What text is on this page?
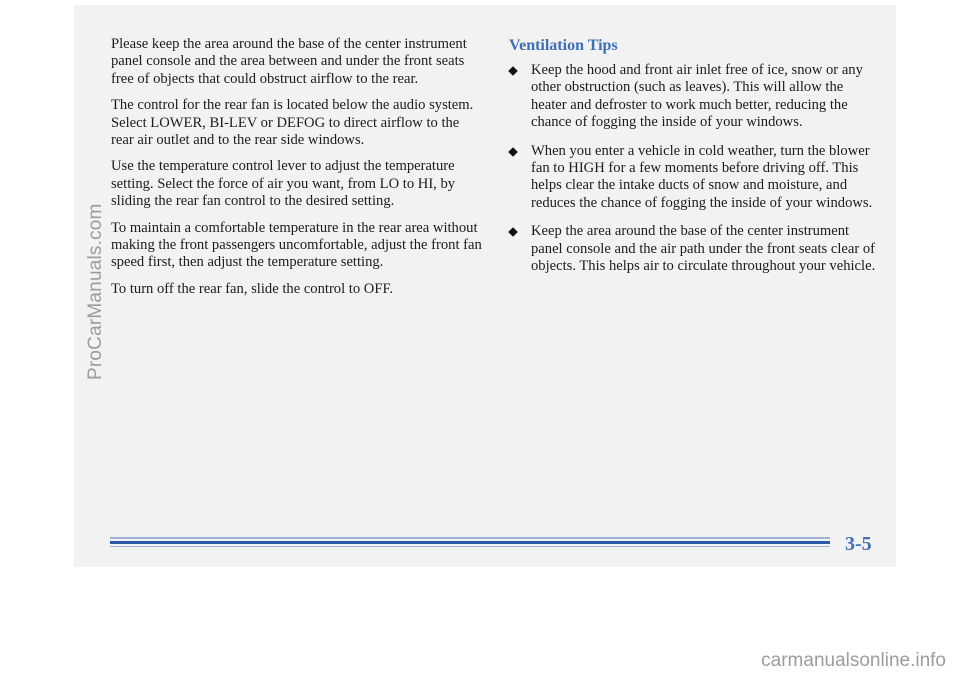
Please keep the area around the base of the center instrument panel console and the area between and under the front seats free of objects that could obstruct airflow to the rear.

The control for the rear fan is located below the audio system. Select LOWER, BI-LEV or DEFOG to direct airflow to the rear air outlet and to the rear side windows.

Use the temperature control lever to adjust the temperature setting. Select the force of air you want, from LO to HI, by sliding the rear fan control to the desired setting.

To maintain a comfortable temperature in the rear area without making the front passengers uncomfortable, adjust the front fan speed first, then adjust the temperature setting.

To turn off the rear fan, slide the control to OFF.

Ventilation Tips
Keep the hood and front air inlet free of ice, snow or any other obstruction (such as leaves). This will allow the heater and defroster to work much better, reducing the chance of fogging the inside of your windows.
When you enter a vehicle in cold weather, turn the blower fan to HIGH for a few moments before driving off. This helps clear the intake ducts of snow and moisture, and reduces the chance of fogging the inside of your windows.
Keep the area around the base of the center instrument panel console and the air path under the front seats clear of objects. This helps air to circulate throughout your vehicle.
3-5
ProCarManuals.com
carmanualsonline.info
